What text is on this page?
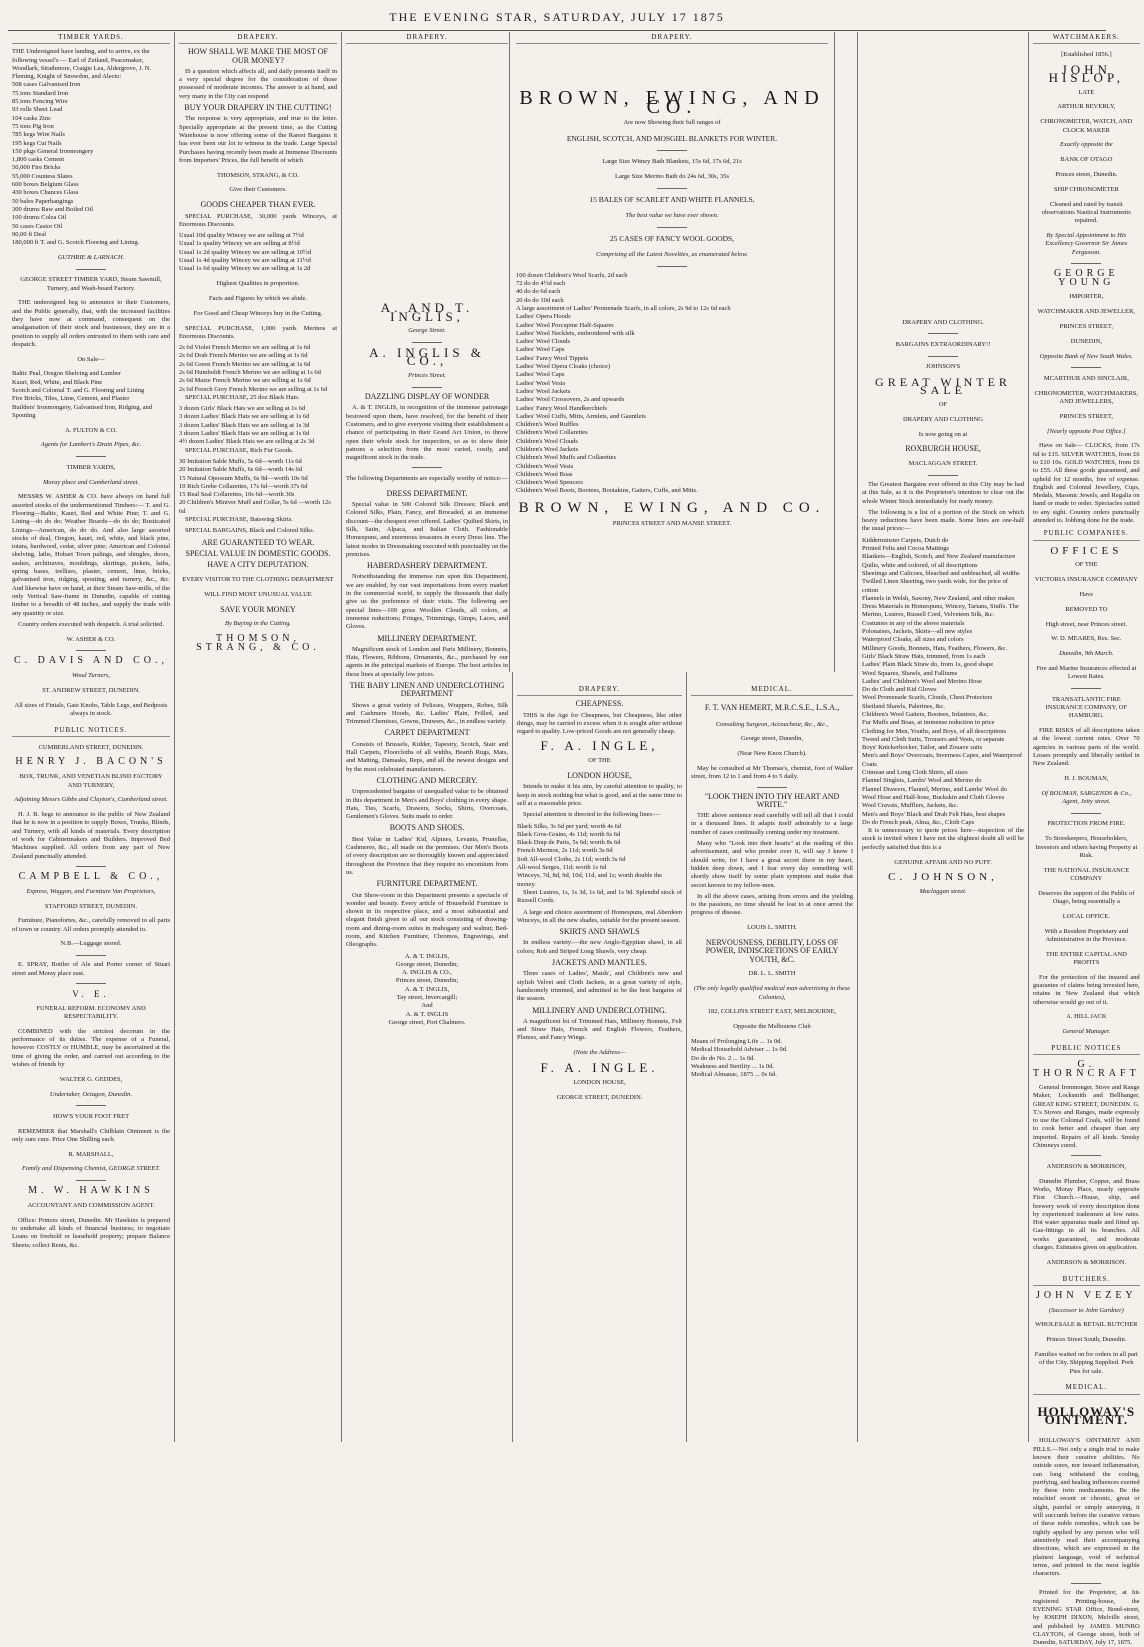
THE EVENING STAR, SATURDAY, JULY 17 1875
TIMBER YARDS.

THE Undersigned have landing, and to arrive, ex the following vessel's — Earl of Zetland, Peacemaker, Woodlark, Strathmore, Craigie Lea, Aldergrove, J. N. Fleming, Knight of Snowdon, and Alecto:

508 cases Galvanised Iron

75 tons Standard Iron

85 tons Fencing Wire

93 rolls Sheet Lead

104 casks Zinc

75 tons Pig Iron

785 kegs Wire Nails

195 kegs Cut Nails

150 pkgs General Ironmongery

1,800 casks Cement

50,000 Fire Bricks

55,000 Countess Slates

600 boxes Belgium Glass

430 boxes Chances Glass

50 bales Paperhangings

300 drums Raw and Boiled Oil

100 drums Colza Oil

50 cases Castor Oil

90,00 ft Deal

180,000 ft T. and G. Scotch Flooring and Lining.

GUTHRIE & LARNACH.

GEORGE STREET TIMBER YARD, Steam Sawmill, Turnery, and Wash-board Factory.

THE undersigned beg to announce to their Customers, and the Public generally, that, with the increased facilities they have now at command, consequent on the amalgamation of their stock and businesses, they are in a position to supply all orders entrusted to them with care and despatch.

On Sale—

Baltic Peal, Oregon Shelving and Lumber

Kauri, Red, White, and Black Pine

Scotch and Colonial T. and G. Flooring and Lining

Fire Bricks, Tiles, Lime, Cement, and Plaster

Builders' Ironmongery, Galvanised Iron, Ridging, and Spouting

A. FULTON & CO.

Agents for Lambert's Drain Pipes, &c.

TIMBER YARDS,

Moray place and Cumberland street.

MESSRS W. ASHER & CO. have always on hand full assorted stocks of the undermentioned Timbers:— T. and G. Flooring—Baltic, Kauri, Red and White Pine; T. and G. Lining—do do do; Weather Boards—do do do; Rusticated Linings—American, do do do. And also large assorted stocks of deal, Oregon, kauri, red, white, and black pine, totara, hardwood, cedar, silver pine; American and Colonial shelving, laths, Hobart Town palings, and shingles, doors, sashes, architraves, mouldings, skirtings, pickets, laths, spring bases, trellises, plaster, cement, lime, bricks, galvanised iron, ridging, spouting, and turnery, &c., &c. And likewise have on hand, at their Steam Saw-mills, of the only Vertical Saw-frame in Dunedin, capable of cutting timber to a breadth of 48 inches, and supply the trade with any quantity or size.

Country orders executed with despatch. A trial solicited.

W. ASHER & CO.

C. DAVIS AND CO.,

Wood Turners,

ST. ANDREW STREET, DUNEDIN.

All sizes of Finials, Gate Knobs, Table Legs, and Bedposts always in stock.

PUBLIC NOTICES.

CUMBERLAND STREET, DUNEDIN.

HENRY J. BACON'S

BOX, TRUNK, AND VENETIAN BLIND FACTORY AND TURNERY,

Adjoining Messrs Gibbs and Clayton's, Cumberland street.

H. J. B. begs to announce to the public of New Zealand that he is now in a position to supply Boxes, Trunks, Blinds, and Turnery, with all kinds of materials. Every description of work for Cabinetmakers and Builders. Improved Bed Machines supplied. All orders from any part of New Zealand punctually attended.

CAMPBELL & CO.,

Express, Waggon, and Furniture Van Proprietors,

STAFFORD STREET, DUNEDIN.

Furniture, Pianofortes, &c., carefully removed to all parts of town or country. All orders promptly attended to.

N.B.—Luggage stored.

E. SPRAY, Bottler of Ale and Porter corner of Stuart street and Moray place east.

V. E.

FUNERAL REFORM. ECONOMY AND RESPECTABILITY.

COMBINED with the strictest decorum in the performance of its duties. The expense of a Funeral, however COSTLY or HUMBLE, may be ascertained at the time of giving the order, and carried out according to the wishes of friends by

WALTER G. GEDDES,

Undertaker, Octagon, Dunedin.

HOW'S YOUR FOOT FRET

REMEMBER that Marshall's Chilblain Ointment is the only sure cure. Price One Shilling each.

R. MARSHALL,

Family and Dispensing Chemist, GEORGE STREET.

M. W. HAWKINS

ACCOUNTANT AND COMMISSION AGENT.

Office: Princes street, Dunedin. Mr Hawkins is prepared to undertake all kinds of financial business; to negotiate Loans on freehold or leasehold property; prepare Balance Sheets; collect Rents, &c.

DRAPERY.

HOW SHALL WE MAKE THE MOST OF OUR MONEY?

IS a question which affects all, and daily presents itself in a very special degree for the consideration of those possessed of moderate incomes. The answer is at hand, and very many in the City can respond

BUY YOUR DRAPERY IN THE CUTTING!

The response is very appropriate, and true to the letter. Specially appropriate at the present time, as the Cutting Warehouse is now offering some of the Rarest Bargains it has ever been our lot to witness in the trade. Large Special Purchases having recently been made at Immense Discounts from Importers' Prices, the full benefit of which

THOMSON, STRANG, & CO.

Give their Customers.

GOODS CHEAPER THAN EVER.

SPECIAL PURCHASE, 30,000 yards Winceys, at Enormous Discounts.

Usual 10d quality Wincey we are selling at 7½d

Usual 1s quality Wincey we are selling at 8½d

Usual 1s 2d quality Wincey we are selling at 10½d

Usual 1s 4d quality Wincey we are selling at 11½d

Usual 1s 6d quality Wincey we are selling at 1s 2d

Highest Qualities in proportion.

Facts and Figures by which we abide.

For Good and Cheap Winceys buy in the Cutting.

SPECIAL PURCHASE, 1,000 yards Merinos at Enormous Discounts.

2s 6d Violet French Merino we are selling at 1s 6d

2s 6d Drab French Merino we are selling at 1s 6d

2s 6d Green French Merino we are selling at 1s 6d

2s 6d Humboldt French Merino we are selling at 1s 6d

2s 6d Maize French Merino we are selling at 1s 6d

2s 6d French Grey French Merino we are selling at 1s 6d

SPECIAL PURCHASE, 25 doz Black Hats.

3 dozen Girls' Black Hats we are selling at 1s 6d

3 dozen Ladies' Black Hats we are selling at 1s 6d

3 dozen Ladies' Black Hats we are selling at 1s 3d

3 dozen Ladies' Black Hats we are selling at 1s 6d

4½ dozen Ladies' Black Hats we are selling at 2s 3d

SPECIAL PURCHASE, Rich Fur Goods.

30 Imitation Sable Muffs, 5s 6d—worth 11s 6d

20 Imitation Sable Muffs, 6s 6d—worth 14s 6d

15 Natural Opossum Muffs, 6s 9d—worth 10s 6d

10 Rich Grebe Collarettes, 17s 6d—worth 37s 6d

15 Real Seal Collarettes, 10s 6d—worth 30s

20 Children's Miniver Muff and Collar, 5s 6d —worth 12s 6d

SPECIAL PURCHASE, Batswing Skirts.

SPECIAL BARGAINS, Black and Colored Silks.

ARE GUARANTEED TO WEAR.

SPECIAL VALUE IN DOMESTIC GOODS.

HAVE A CITY DEPUTATION.

EVERY VISITOR TO THE CLOTHING DEPARTMENT

WILL FIND MOST UNUSUAL VALUE

SAVE YOUR MONEY

By Buying in the Cutting.

THOMSON, STRANG, & CO.

DRAPERY.

A. AND T. INGLIS,

George Street.

A. INGLIS & CO.,

Princes Street.

DAZZLING DISPLAY OF WONDER

A. & T. INGLIS, in recognition of the immense patronage bestowed upon them, have resolved, for the benefit of their Customers, and to give everyone visiting their establishment a chance of participating in their Grand Act Union, to throw open their whole stock for inspection, so as to show their patrons a selection from the most varied, costly, and magnificent stock in the trade.

The following Departments are especially worthy of notice:—

DRESS DEPARTMENT.

Special value in 500 Colored Silk Dresses; Black and Colored Silks, Plain, Fancy, and Brocaded, at an immense discount—the cheapest ever offered. Ladies' Quilted Skirts, in Silk, Satin, Alpaca, and Italian Cloth. Fashionable Homespuns, and enormous treasures in every Dress line. The latest modes in Dressmaking executed with punctuality on the premises.

HABERDASHERY DEPARTMENT.

Notwithstanding the immense run upon this Department, we are enabled, by our vast importations from every market in the commercial world, to supply the thousands that daily give us the preference of their visits. The following are special lines—109 gross Woollen Clouds, all colors, at immense reductions; Fringes, Trimmings, Gimps, Laces, and Gloves.

MILLINERY DEPARTMENT.

Magnificent stock of London and Paris Millinery, Bonnets, Hats, Flowers, Ribbons, Ornaments, &c., purchased by our agents in the principal markets of Europe. The best articles in these lines at specially low prices.

THE BABY LINEN AND UNDERCLOTHING DEPARTMENT

Shows a great variety of Pelisses, Wrappers, Robes, Silk and Cashmere Hoods, &c. Ladies' Plain, Frilled, and Trimmed Chemises, Gowns, Drawers, &c., in endless variety.

CARPET DEPARTMENT

Consists of Brussels, Kidder, Tapestry, Scotch, Stair and Hall Carpets, Floorcloths of all widths, Hearth Rugs, Mats, and Matting, Damasks, Reps, and all the newest designs and by the most celebrated manufacturers.

CLOTHING AND MERCERY.

Unprecedented bargains of unequalled value to be obtained in this department in Men's and Boys' clothing in every shape. Hats, Ties, Scarfs, Drawers, Socks, Shirts, Overcoats, Gentlemen's Gloves. Suits made to order.

BOOTS AND SHOES.

Best Value in Ladies' Kid, Alpines, Levants, Prunellas, Cashmeres, &c., all made on the premises. Our Men's Boots of every description are so thoroughly known and appreciated throughout the Province that they require no encomium from us.

FURNITURE DEPARTMENT.

Our Show-room in this Department presents a spectacle of wonder and beauty. Every article of Household Furniture is shown in its respective place, and a most substantial and elegant finish given to all our stock consisting of drawing-room and dining-room suites in mahogany and walnut; Bed-room, and Kitchen Furniture, Chromos, Engravings, and Oleographs.

A. & T. INGLIS,

George street, Dunedin;

A. INGLIS & CO.,

Princes street, Dunedin;

A. & T. INGLIS,

Tay street, Invercargill;

And

A. & T. INGLIS

George street, Port Chalmers.

DRAPERY.

CHEAPNESS.

THIS is the Age for Cheapness, but Cheapness, like other things, may be carried to excess when it is sought after without regard to quality. Low-priced Goods are not generally cheap.

F. A. INGLE,

OF THE

LONDON HOUSE,

Intends to make it his aim, by careful attention to quality, to keep in stock nothing but what is good, and at the same time to sell at a reasonable price.

Special attention is directed to the following lines:—

Black Silks, 3s 6d per yard; worth 4s 6d

Black Gros-Grains, 4s 11d; worth 6s 6d

Black Drap de Paris, 5s 6d; worth 8s 6d

French Merinos, 2s 11d; worth 3s 6d

Soft All-wool Cloths, 2s 11d; worth 3s 6d

All-wool Serges, 11d; worth 1s 6d

Winceys, 7d, 8d, 9d, 10d, 11d, and 1s; worth double the money.

Sheet Lustres, 1s, 1s 3d, 1s 6d, and 1s 9d. Splendid stock of Russell Cords.

A large and choice assortment of Homespuns, real Aberdeen Winceys, in all the new shades, suitable for the present season.

SKIRTS AND SHAWLS

In endless variety:—the new Anglo-Egyptian shawl, in all colors; Rob and Striped Long Shawls, very cheap.

JACKETS AND MANTLES.

Three cases of Ladies', Maids', and Children's new and stylish Velvet and Cloth Jackets, in a great variety of style, handsomely trimmed, and admitted to be the best bargains of the season.

MILLINERY AND UNDERCLOTHING.

A magnificent lot of Trimmed Hats, Millinery Bonnets, Felt and Straw Hats, French and English Flowers, Feathers, Plumes, and Fancy Wings.

(Note the Address—

F. A. INGLE.

LONDON HOUSE,

GEORGE STREET, DUNEDIN.

MEDICAL.

F. T. VAN HEMERT, M.R.C.S.E., L.S.A.,

Consulting Surgeon, Accoucheur, &c., &c.,

George street, Dunedin,

(Near New Knox Church).

May be consulted at Mr Thomas's, chemist, foot of Walker street, from 12 to 1 and from 4 to 5 daily.

"LOOK THEN INTO THY HEART AND WRITE."

THE above sentence read carefully will tell all that I could in a thousand lines. It adapts itself admirably to a large number of cases continually coming under my treatment.

Many who "Look into their hearts" at the reading of this advertisement, and who ponder over it, will say I know I should write, for I have a great secret there in my heart, hidden deep down, and I fear every day something will shortly show itself by some plain symptom and make that secret known to my fellow-men.

In all the above cases, arising from errors and the yielding to the passions, no time should be lost to at once arrest the progress of disease.

LOUIS L. SMITH.

NERVOUSNESS, DEBILITY, LOSS OF POWER, INDISCRETIONS OF EARLY YOUTH, &C.

DR. L. L. SMITH

(The only legally qualified medical man advertising in these Colonies),

182, COLLINS STREET EAST, MELBOURNE,

Opposite the Melbourne Club

Means of Prolonging Life ... 1s 0d.

Medical Household Adviser ... 1s 0d.

Do do do No. 2 ... 1s 0d.

Weakness and Sterility ... 1s 0d.

Medical Almanac, 1875 ... 0s 6d.

DRAPERY AND CLOTHING.

BARGAINS EXTRAORDINARY!!

JOHNSON'S

GREAT WINTER SALE

OF

DRAPERY AND CLOTHING

Is now going on at

ROXBURGH HOUSE,

MACLAGGAN STREET.

The Greatest Bargains ever offered in this City may be had at this Sale, as it is the Proprietor's intention to clear out the whole Winter Stock immediately for ready money.

The following is a list of a portion of the Stock on which heavy reductions have been made. Some lines are one-half the usual prices:—

Kidderminster Carpets, Dutch do

Printed Felts and Cocoa Mattings

Blankets—English, Scotch, and New Zealand manufacture

Quilts, white and colored, of all descriptions

Sheetings and Calicoes, bleached and unbleached, all widths

Twilled Linen Sheeting, two yards wide, for the price of cotton

Flannels in Welsh, Saxony, New Zealand, and other makes

Dress Materials in Homespuns, Wincey, Tartans, Stuffs. The Merino, Lustres, Russell Cord, Velveteen Silk, &c.

Costumes in any of the above materials

Polonaises, Jackets, Skirts—all new styles

Waterproof Cloaks, all sizes and colors

Millinery Goods, Bonnets, Hats, Feathers, Flowers, &c.

Girls' Black Straw Hats, trimmed, from 1s each

Ladies' Plain Black Straw do, from 1s, good shape

Wool Squares, Shawls, and Falliums

Ladies' and Children's Wool and Merino Hose

Do do Cloth and Kid Gloves

Wool Promenade Scarfs, Clouds, Chest Protectors

Shetland Shawls, Palerines, &c.

Children's Wool Gaiters, Bootees, Infantees, &c.

Fur Muffs and Boas, at immense reduction in price

Clothing for Men, Youths, and Boys, of all descriptions

Tweed and Cloth Suits, Trousers and Vests, or separate

Boys' Knickerbocker, Tailor, and Zouave suits

Men's and Boys' Overcoats, Inverness Capes, and Waterproof Coats

Crimean and Long Cloth Shirts, all sizes

Flannel Singlets, Lambs' Wool and Merino do

Flannel Drawers, Flannel, Merino, and Lambs' Wool do

Wool Hose and Half-hose, Buckskin and Cloth Gloves

Wool Cravats, Mufflers, Jackets, &c.

Men's and Boys' Black and Drab Felt Hats, best shapes

Do do French peak, Alma, &c., Cloth Caps

It is unnecessary to quote prices here—inspection of the stock is invited when I have not the slightest doubt all will be perfectly satisfied that this is a

GENUINE AFFAIR AND NO PUFF.

C. JOHNSON,

Maclaggan street.

WATCHMAKERS.

[Established 1856.]

JOHN HISLOP,

LATE

ARTHUR BEVERLY,

CHRONOMETER, WATCH, AND CLOCK MAKER

Exactly opposite the

BANK OF OTAGO

Princes street, Dunedin.

SHIP CHRONOMETER

Cleaned and rated by transit observations Nautical Instruments repaired.

By Special Appointment to His Excellency Governor Sir James Fergusson.

GEORGE YOUNG

IMPORTER,

WATCHMAKER AND JEWELLER,

PRINCES STREET,

DUNEDIN,

Opposite Bank of New South Wales.

MCARTHUR AND SINCLAIR,

CHRONOMETER, WATCHMAKERS, AND JEWELLERS,

PRINCES STREET,

[Nearly opposite Post Office.]

Have on Sale— CLOCKS, from 17s 6d to £15. SILVER WATCHES, from £6 to £10 10s. GOLD WATCHES, from £6 to £55. All these goods guaranteed, and upheld for 12 months, free of expense. English and Colonial Jewellery, Cups, Medals, Masonic Jewels, and Regalia on hand or made to order. Spectacles suited to any sight. Country orders punctually attended to. Jobbing done for the trade.

PUBLIC COMPANIES.

OFFICES

OF THE

VICTORIA INSURANCE COMPANY

Have

REMOVED TO

High street, near Princes street.

W. D. MEARES, Res. Sec.

Dunedin, 9th March.

Fire and Marine Insurances effected at Lowest Rates.

TRANSATLANTIC FIRE INSURANCE COMPANY, OF HAMBURG.

FIRE RISKS of all descriptions taken at the lowest current rates. Over 70 agencies in various parts of the world. Losses promptly and liberally settled in New Zealand.

H. J. BOUMAN,

Of BOUMAN, SARGENDS & Co., Agent, Jetty street.

PROTECTION FROM FIRE.

To Storekeepers, Householders, Investors and others having Property at Risk.

THE NATIONAL INSURANCE COMPANY

Deserves the support of the Public of Otago, being essentially a

LOCAL OFFICE.

With a Resident Proprietary and Administrative in the Province.

THE ENTIRE CAPITAL AND PROFITS

For the protection of the insured and guarantee of claims being invested here, retains in New Zealand that which otherwise would go out of it.

A. HILL JACK

General Manager.

PUBLIC NOTICES

G. THORNCRAFT

General Ironmonger, Stove and Range Maker, Locksmith and Bellhanger, GREAT KING STREET, DUNEDIN. G. T.'s Stoves and Ranges, made expressly to use the Colonial Coals, will be found to cook better and cheaper than any imported. Repairs of all kinds. Smoky Chimneys cured.

ANDERSON & MORRISON,

Dunedin Plumber, Copper, and Brass Works, Moray Place, nearly opposite First Church.—House, ship, and brewery work of every description done by experienced tradesmen at low rates. Hot water apparatus made and fitted up. Gas-fittings in all its branches. All works guaranteed, and moderate charges. Estimates given on application.

ANDERSON & MORRISON.

BUTCHERS.

JOHN VEZEY

(Successor to John Gardner)

WHOLESALE & RETAIL BUTCHER

Princes Street South, Dunedin.

Families waited on for orders in all part of the City. Shipping Supplied. Pork Pies for sale.

MEDICAL.

HOLLOWAY'S OINTMENT.

HOLLOWAY'S OINTMENT AND PILLS.—Not only a single trial to make known their curative abilities. No outside sores, nor inward inflammation, can long withstand the cooling, purifying, and healing influences exerted by these twin medicaments. Be the mischief recent or chronic, great or slight, painful or simply annoying, it will succumb before the curative virtues of these noble remedies, which can be rightly applied by any person who will attentively read their accompanying directions, which are expressed in the plainest language, void of technical terms, and printed in the most legible characters.

Printed for the Proprietor, at his registered Printing-house, the EVENING STAR Office, Bond-street, by JOSEPH DIXON, Melville street, and published by JAMES MUNRO CLAYTON, of George street, both of Dunedin, SATURDAY, July 17, 1875.

DRAPERY.

BROWN, EWING, AND CO.

Are now Showing their full ranges of

ENGLISH, SCOTCH, AND MOSGIEL BLANKETS FOR WINTER.

Large Size Witney Bath Blankets, 15s 6d, 17s 6d, 21s

Large Size Merino Bath do 24s 6d, 30s, 35s

15 BALES OF SCARLET AND WHITE FLANNELS,

The best value we have ever shown.

25 CASES OF FANCY WOOL GOODS,

Comprising all the Latest Novelties, as enumerated below.

100 dozen Children's Wool Scarfs, 2d each

72 do do 4½d each

40 do do 6d each

20 do do 10d each

A large assortment of Ladies' Promenade Scarfs, in all colors, 2s 9d to 12s 6d each

Ladies' Opera Hoods

Ladies' Wool Porcupine Half-Squares

Ladies' Wool Necklets, embroidered with silk

Ladies' Wool Clouds

Ladies' Wool Caps

Ladies' Fancy Wool Tippets

Ladies' Wool Opera Cloaks (choice)

Ladies' Wool Caps

Ladies' Wool Vests

Ladies' Wool Jackets

Ladies' Wool Crossovers, 2s and upwards

Ladies' Fancy Wool Handkerchiefs

Ladies' Wool Cuffs, Mitts, Armlets, and Gauntlets

Children's Wool Ruffles

Children's Wool Collarettes

Children's Wool Clouds

Children's Wool Jackets

Children's Wool Muffs and Collarettes

Children's Wool Vests

Children's Wool Boas

Children's Wool Spencers

Children's Wool Boots, Bootees, Bootakins, Gaiters, Cuffs, and Mitts.

BROWN, EWING, AND CO.

PRINCES STREET AND MANSE STREET.
